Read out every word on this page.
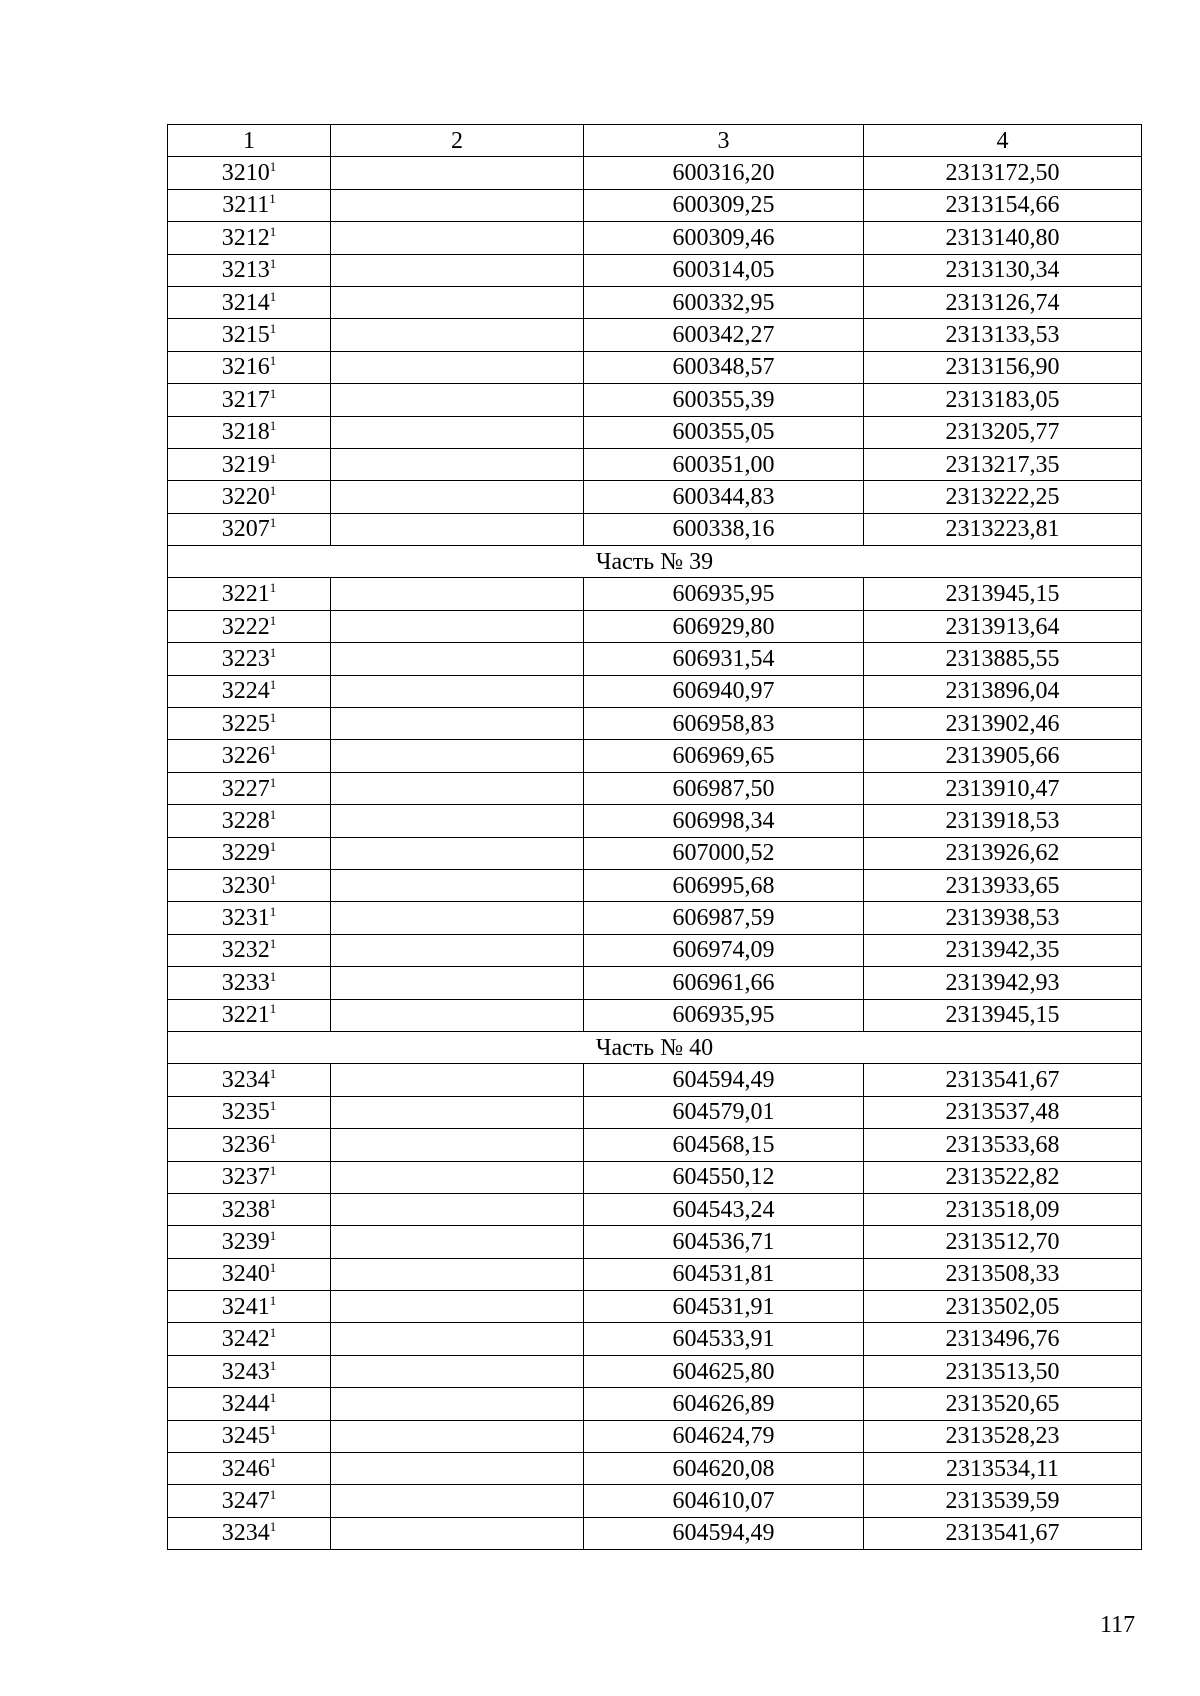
1	2	3	4
3210$^1$		600316,20	2313172,50
3211$^1$		600309,25	2313154,66
3212$^1$		600309,46	2313140,80
3213$^1$		600314,05	2313130,34
3214$^1$		600332,95	2313126,74
3215$^1$		600342,27	2313133,53
3216$^1$		600348,57	2313156,90
3217$^1$		600355,39	2313183,05
3218$^1$		600355,05	2313205,77
3219$^1$		600351,00	2313217,35
3220$^1$		600344,83	2313222,25
3207$^1$		600338,16	2313223,81
Часть № 39			
3221$^1$		606935,95	2313945,15
3222$^1$		606929,80	2313913,64
3223$^1$		606931,54	2313885,55
3224$^1$		606940,97	2313896,04
3225$^1$		606958,83	2313902,46
3226$^1$		606969,65	2313905,66
3227$^1$		606987,50	2313910,47
3228$^1$		606998,34	2313918,53
3229$^1$		607000,52	2313926,62
3230$^1$		606995,68	2313933,65
3231$^1$		606987,59	2313938,53
3232$^1$		606974,09	2313942,35
3233$^1$		606961,66	2313942,93
3221$^1$		606935,95	2313945,15
Часть № 40			
3234$^1$		604594,49	2313541,67
3235$^1$		604579,01	2313537,48
3236$^1$		604568,15	2313533,68
3237$^1$		604550,12	2313522,82
3238$^1$		604543,24	2313518,09
3239$^1$		604536,71	2313512,70
3240$^1$		604531,81	2313508,33
3241$^1$		604531,91	2313502,05
3242$^1$		604533,91	2313496,76
3243$^1$		604625,80	2313513,50
3244$^1$		604626,89	2313520,65
3245$^1$		604624,79	2313528,23
3246$^1$		604620,08	2313534,11
3247$^1$		604610,07	2313539,59
3234$^1$		604594,49	2313541,67
117
